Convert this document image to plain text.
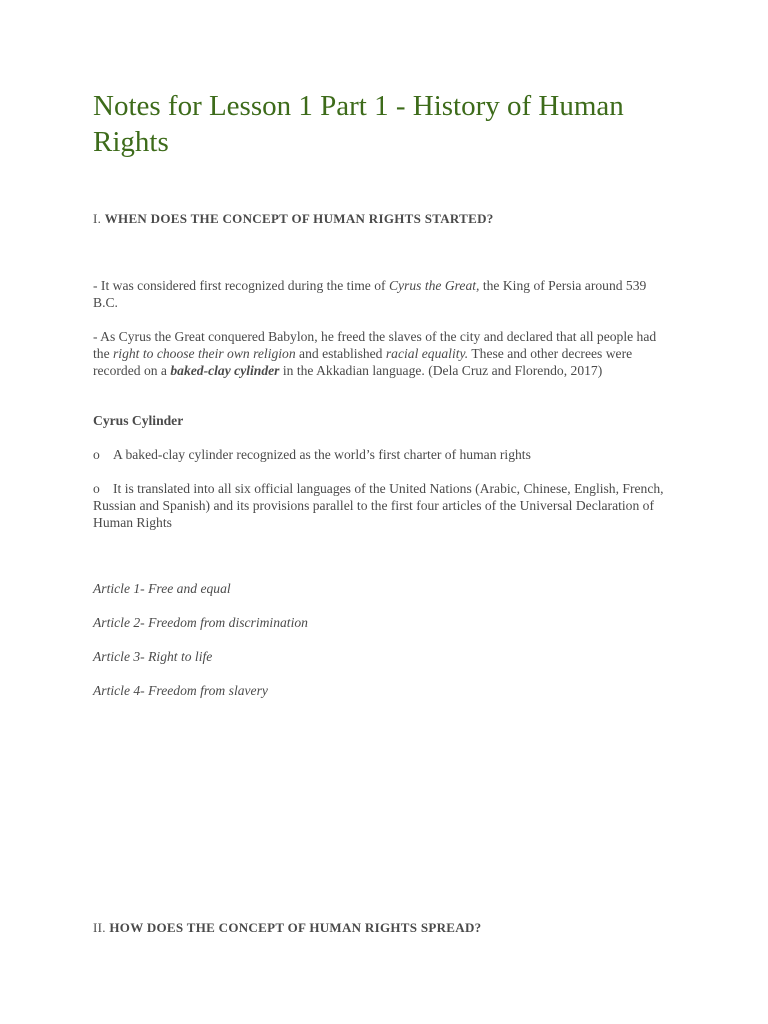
Notes for Lesson 1 Part 1 - History of Human Rights

I. WHEN DOES THE CONCEPT OF HUMAN RIGHTS STARTED?

- It was considered first recognized during the time of Cyrus the Great, the King of Persia around 539 B.C.

- As Cyrus the Great conquered Babylon, he freed the slaves of the city and declared that all people had the right to choose their own religion and established racial equality. These and other decrees were recorded on a baked-clay cylinder in the Akkadian language. (Dela Cruz and Florendo, 2017)

Cyrus Cylinder

o A baked-clay cylinder recognized as the world’s first charter of human rights

o It is translated into all six official languages of the United Nations (Arabic, Chinese, English, French, Russian and Spanish) and its provisions parallel to the first four articles of the Universal Declaration of Human Rights

Article 1- Free and equal

Article 2- Freedom from discrimination

Article 3- Right to life

Article 4- Freedom from slavery

II. HOW DOES THE CONCEPT OF HUMAN RIGHTS SPREAD?
